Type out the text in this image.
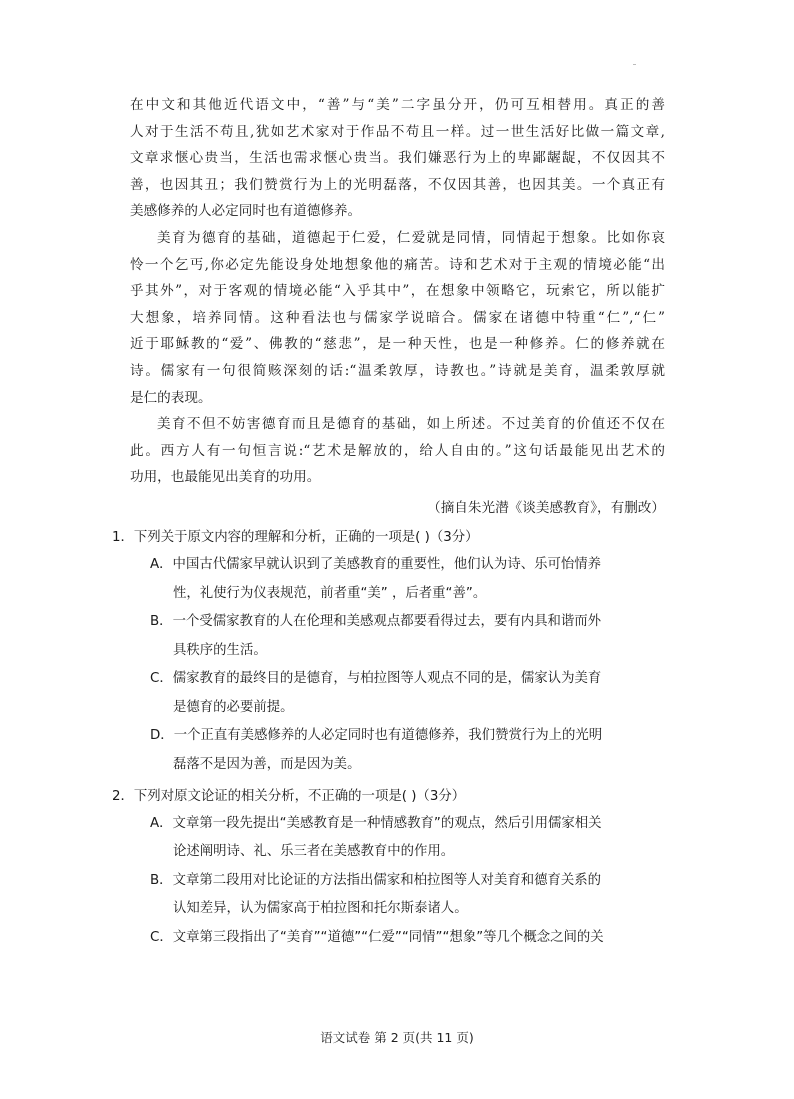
在中文和其他近代语文中，“善”与“美”二字虽分开，仍可互相替用。真正的善
人对于生活不苟且,犹如艺术家对于作品不苟且一样。过一世生活好比做一篇文章,
文章求惬心贵当，生活也需求惬心贵当。我们嫌恶行为上的卑鄙龌龊，不仅因其不
善，也因其丑；我们赞赏行为上的光明磊落，不仅因其善，也因其美。一个真正有
美感修养的人必定同时也有道德修养。
美育为德育的基础，道德起于仁爱，仁爱就是同情，同情起于想象。比如你哀
怜一个乞丐,你必定先能设身处地想象他的痛苦。诗和艺术对于主观的情境必能“出
乎其外”，对于客观的情境必能“入乎其中”，在想象中领略它，玩索它，所以能扩
大想象，培养同情。这种看法也与儒家学说暗合。儒家在诸德中特重“仁”,“仁”
近于耶稣教的“爱”、佛教的“慈悲”，是一种天性，也是一种修养。仁的修养就在
诗。儒家有一句很简赅深刻的话:“温柔敦厚，诗教也。”诗就是美育，温柔敦厚就
是仁的表现。
美育不但不妨害德育而且是德育的基础，如上所述。不过美育的价值还不仅在
此。西方人有一句恒言说:“艺术是解放的，给人自由的。”这句话最能见出艺术的
功用，也最能见出美育的功用。

（摘自朱光潜《谈美感教育》，有删改）

1．下列关于原文内容的理解和分析，正确的一项是( )（3分）

A．中国古代儒家早就认识到了美感教育的重要性，他们认为诗、乐可怡情养
性，礼使行为仪表规范，前者重“美” ，后者重“善”。
B．一个受儒家教育的人在伦理和美感观点都要看得过去，要有内具和谐而外
具秩序的生活。
C．儒家教育的最终目的是德育，与柏拉图等人观点不同的是，儒家认为美育
是德育的必要前提。
D．一个正直有美感修养的人必定同时也有道德修养，我们赞赏行为上的光明
磊落不是因为善，而是因为美。

2．下列对原文论证的相关分析，不正确的一项是( )（3分）

A．文章第一段先提出“美感教育是一种情感教育”的观点，然后引用儒家相关
论述阐明诗、礼、乐三者在美感教育中的作用。
B．文章第二段用对比论证的方法指出儒家和柏拉图等人对美育和德育关系的
认知差异，认为儒家高于柏拉图和托尔斯泰诸人。
C．文章第三段指出了“美育”“道德”“仁爱”“同情”“想象”等几个概念之间的关
语文试卷 第 2 页(共 11 页)
